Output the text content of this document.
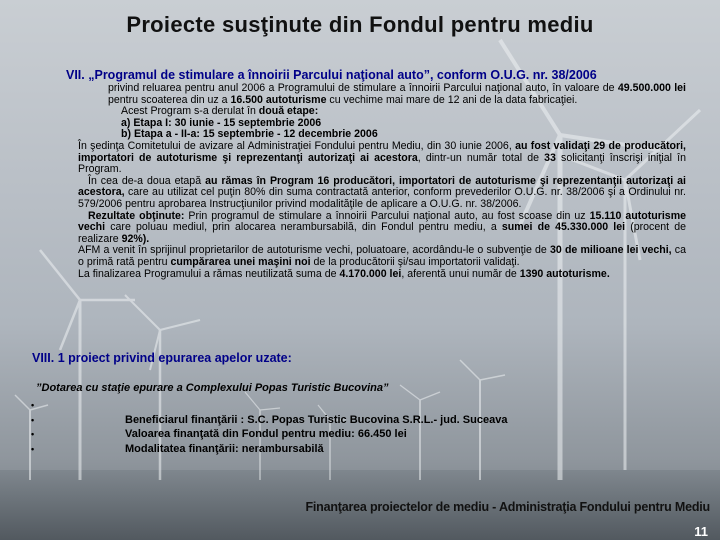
Proiecte susţinute din Fondul pentru mediu
VII. „Programul de stimulare a înnoirii Parcului naţional auto”, conform O.U.G. nr. 38/2006

privind reluarea pentru anul 2006 a Programului de stimulare a înnoirii Parcului naţional auto, în valoare de 49.500.000 lei pentru scoaterea din uz a 16.500 autoturisme cu vechime mai mare de 12 ani de la data fabricaţiei.

Acest Program s-a derulat în două etape:

a) Etapa I: 30 iunie - 15 septembrie 2006

b) Etapa a - II-a: 15 septembrie - 12 decembrie 2006

În şedinţa Comitetului de avizare al Administraţiei Fondului pentru Mediu, din 30 iunie 2006, au fost validaţi 29 de producători, importatori de autoturisme şi reprezentanţi autorizaţi ai acestora, dintr-un număr total de 33 solicitanţi înscrişi iniţial în Program.

În cea de-a doua etapă au rămas în Program 16 producători, importatori de autoturisme şi reprezentanţii autorizaţi ai acestora, care au utilizat cel puţin 80% din suma contractată anterior, conform prevederilor O.U.G. nr. 38/2006 şi a Ordinului nr. 579/2006 pentru aprobarea Instrucţiunilor privind modalităţile de aplicare a O.U.G. nr. 38/2006.

Rezultate obţinute: Prin programul de stimulare a înnoirii Parcului naţional auto, au fost scoase din uz 15.110 autoturisme vechi care poluau mediul, prin alocarea nerambursabilă, din Fondul pentru mediu, a sumei de 45.330.000 lei (procent de realizare 92%).

AFM a venit în sprijinul proprietarilor de autoturisme vechi, poluatoare, acordându-le o subvenţie de 30 de milioane lei vechi, ca o primă rată pentru cumpărarea unei maşini noi de la producătorii şi/sau importatorii validaţi.

La finalizarea Programului a rămas neutilizată suma de 4.170.000 lei, aferentă unui număr de 1390 autoturisme.

VIII. 1 proiect privind epurarea apelor uzate:
”Dotarea cu staţie epurare a Complexului Popas Turistic Bucovina”
•
•	Beneficiarul finanţării : S.C. Popas Turistic Bucovina S.R.L.- jud. Suceava
•	Valoarea finanţată din Fondul pentru mediu: 66.450 lei
•	Modalitatea finanţării: nerambursabilă
Finanţarea proiectelor de mediu - Administraţia Fondului pentru Mediu
11
